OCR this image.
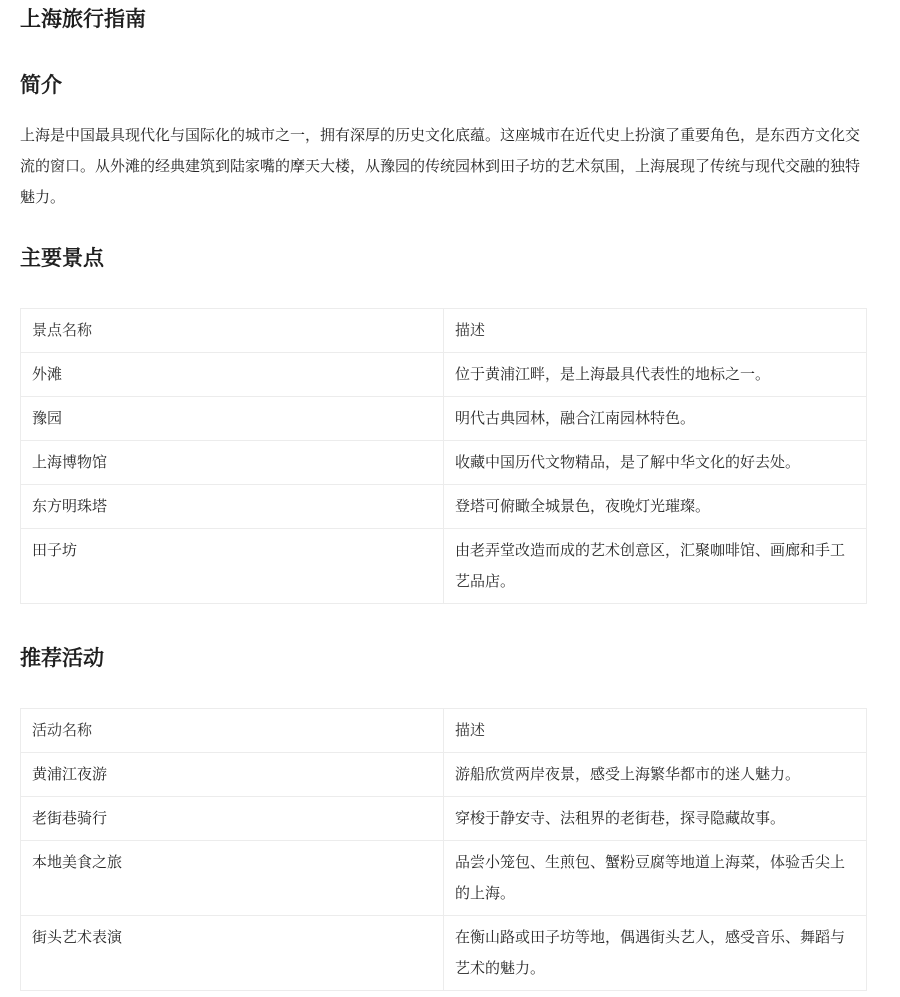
上海旅行指南
简介

上海是中国最具现代化与国际化的城市之一，拥有深厚的历史文化底蕴。这座城市在近代史上扮演了重要角色，是东西方文化交流的窗口。从外滩的经典建筑到陆家嘴的摩天大楼，从豫园的传统园林到田子坊的艺术氛围，上海展现了传统与现代交融的独特魅力。

主要景点
景点名称	描述
外滩	位于黄浦江畔，是上海最具代表性的地标之一。
豫园	明代古典园林，融合江南园林特色。
上海博物馆	收藏中国历代文物精品，是了解中华文化的好去处。
东方明珠塔	登塔可俯瞰全城景色，夜晚灯光璀璨。
田子坊	由老弄堂改造而成的艺术创意区，汇聚咖啡馆、画廊和手工艺品店。
推荐活动
活动名称	描述
黄浦江夜游	游船欣赏两岸夜景，感受上海繁华都市的迷人魅力。
老街巷骑行	穿梭于静安寺、法租界的老街巷，探寻隐藏故事。
本地美食之旅	品尝小笼包、生煎包、蟹粉豆腐等地道上海菜，体验舌尖上的上海。
街头艺术表演	在衡山路或田子坊等地，偶遇街头艺人，感受音乐、舞蹈与艺术的魅力。
